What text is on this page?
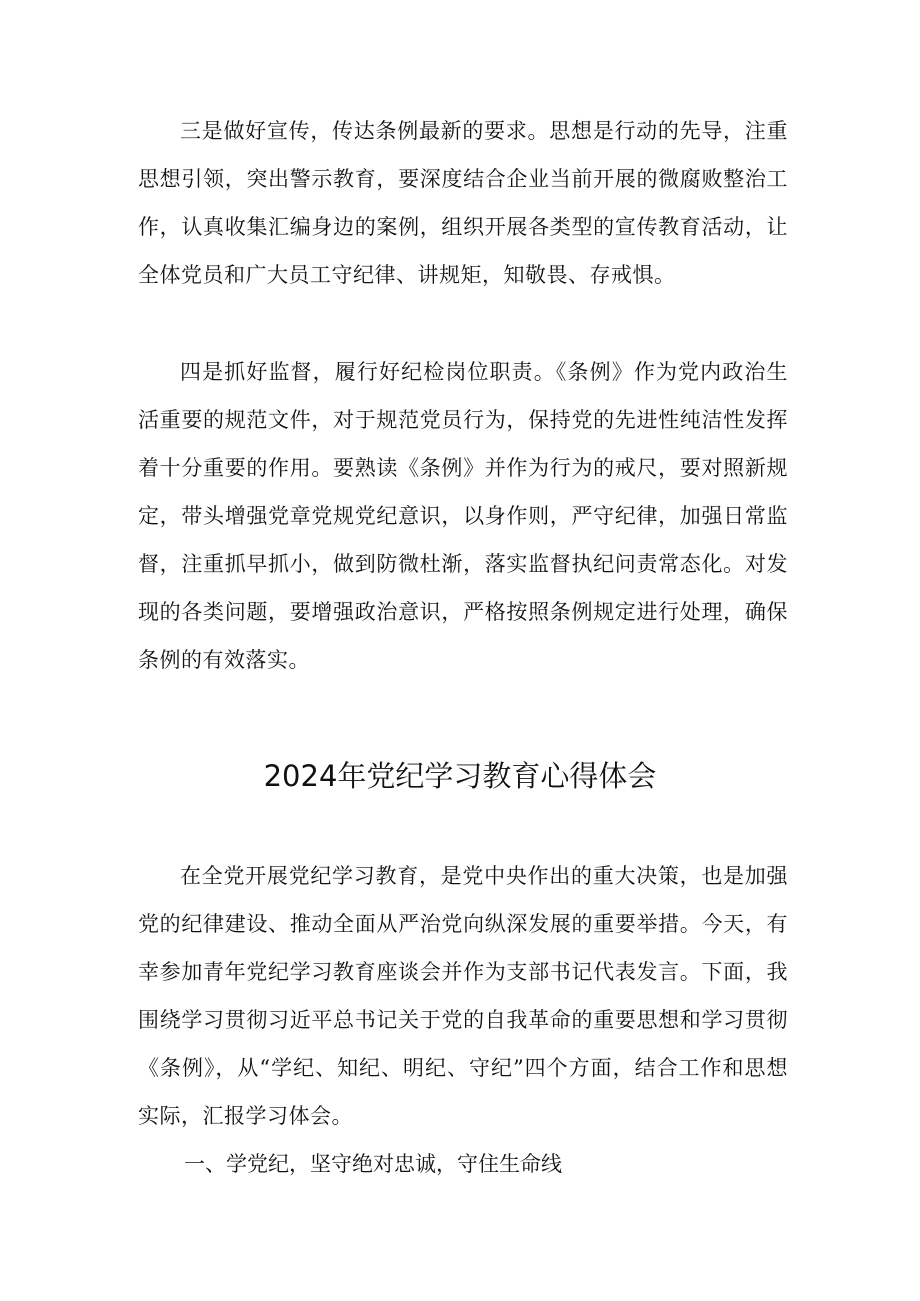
三是做好宣传，传达条例最新的要求。思想是行动的先导，注重思想引领，突出警示教育，要深度结合企业当前开展的微腐败整治工作，认真收集汇编身边的案例，组织开展各类型的宣传教育活动，让全体党员和广大员工守纪律、讲规矩，知敬畏、存戒惧。

四是抓好监督，履行好纪检岗位职责。《条例》作为党内政治生活重要的规范文件，对于规范党员行为，保持党的先进性纯洁性发挥着十分重要的作用。要熟读《条例》并作为行为的戒尺，要对照新规定，带头增强党章党规党纪意识，以身作则，严守纪律，加强日常监督，注重抓早抓小，做到防微杜渐，落实监督执纪问责常态化。对发现的各类问题，要增强政治意识，严格按照条例规定进行处理，确保条例的有效落实。

2024年党纪学习教育心得体会

在全党开展党纪学习教育，是党中央作出的重大决策，也是加强党的纪律建设、推动全面从严治党向纵深发展的重要举措。今天，有幸参加青年党纪学习教育座谈会并作为支部书记代表发言。下面，我围绕学习贯彻习近平总书记关于党的自我革命的重要思想和学习贯彻《条例》，从“学纪、知纪、明纪、守纪”四个方面，结合工作和思想实际，汇报学习体会。

一、学党纪，坚守绝对忠诚，守住生命线
